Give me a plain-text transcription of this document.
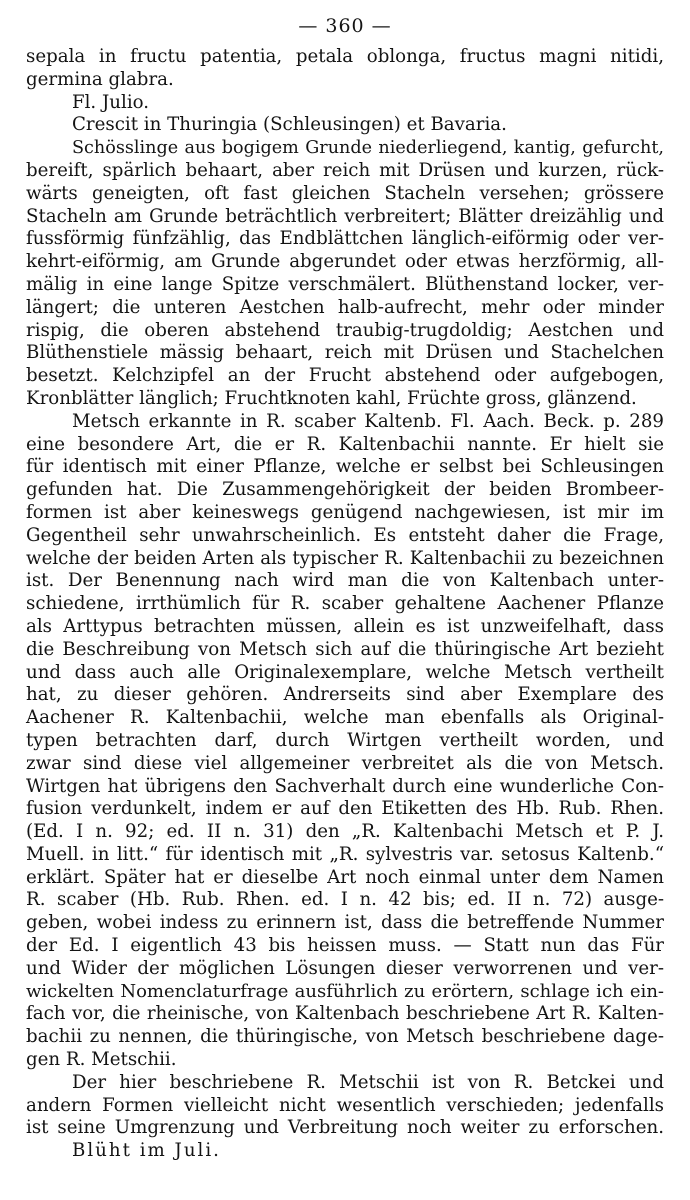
— 360 —
sepala in fructu patentia, petala oblonga, fructus magni nitidi,
germina glabra.
Fl. Julio.
Crescit in Thuringia (Schleusingen) et Bavaria.
Schösslinge aus bogigem Grunde niederliegend, kantig, gefurcht,
bereift, spärlich behaart, aber reich mit Drüsen und kurzen, rück-
wärts geneigten, oft fast gleichen Stacheln versehen; grössere
Stacheln am Grunde beträchtlich verbreitert; Blätter dreizählig und
fussförmig fünfzählig, das Endblättchen länglich-eiförmig oder ver-
kehrt-eiförmig, am Grunde abgerundet oder etwas herzförmig, all-
mälig in eine lange Spitze verschmälert. Blüthenstand locker, ver-
längert; die unteren Aestchen halb-aufrecht, mehr oder minder
rispig, die oberen abstehend traubig-trugdoldig; Aestchen und
Blüthenstiele mässig behaart, reich mit Drüsen und Stachelchen
besetzt. Kelchzipfel an der Frucht abstehend oder aufgebogen,
Kronblätter länglich; Fruchtknoten kahl, Früchte gross, glänzend.
Metsch erkannte in R. scaber Kaltenb. Fl. Aach. Beck. p. 289
eine besondere Art, die er R. Kaltenbachii nannte. Er hielt sie
für identisch mit einer Pflanze, welche er selbst bei Schleusingen
gefunden hat. Die Zusammengehörigkeit der beiden Brombeer-
formen ist aber keineswegs genügend nachgewiesen, ist mir im
Gegentheil sehr unwahrscheinlich. Es entsteht daher die Frage,
welche der beiden Arten als typischer R. Kaltenbachii zu bezeichnen
ist. Der Benennung nach wird man die von Kaltenbach unter-
schiedene, irrthümlich für R. scaber gehaltene Aachener Pflanze
als Arttypus betrachten müssen, allein es ist unzweifelhaft, dass
die Beschreibung von Metsch sich auf die thüringische Art bezieht
und dass auch alle Originalexemplare, welche Metsch vertheilt
hat, zu dieser gehören. Andrerseits sind aber Exemplare des
Aachener R. Kaltenbachii, welche man ebenfalls als Original-
typen betrachten darf, durch Wirtgen vertheilt worden, und
zwar sind diese viel allgemeiner verbreitet als die von Metsch.
Wirtgen hat übrigens den Sachverhalt durch eine wunderliche Con-
fusion verdunkelt, indem er auf den Etiketten des Hb. Rub. Rhen.
(Ed. I n. 92; ed. II n. 31) den „R. Kaltenbachi Metsch et P. J.
Muell. in litt.“ für identisch mit „R. sylvestris var. setosus Kaltenb.“
erklärt. Später hat er dieselbe Art noch einmal unter dem Namen
R. scaber (Hb. Rub. Rhen. ed. I n. 42 bis; ed. II n. 72) ausge-
geben, wobei indess zu erinnern ist, dass die betreffende Nummer
der Ed. I eigentlich 43 bis heissen muss. — Statt nun das Für
und Wider der möglichen Lösungen dieser verworrenen und ver-
wickelten Nomenclaturfrage ausführlich zu erörtern, schlage ich ein-
fach vor, die rheinische, von Kaltenbach beschriebene Art R. Kalten-
bachii zu nennen, die thüringische, von Metsch beschriebene dage-
gen R. Metschii.
Der hier beschriebene R. Metschii ist von R. Betckei und
andern Formen vielleicht nicht wesentlich verschieden; jedenfalls
ist seine Umgrenzung und Verbreitung noch weiter zu erforschen.
Blüht im Juli.
